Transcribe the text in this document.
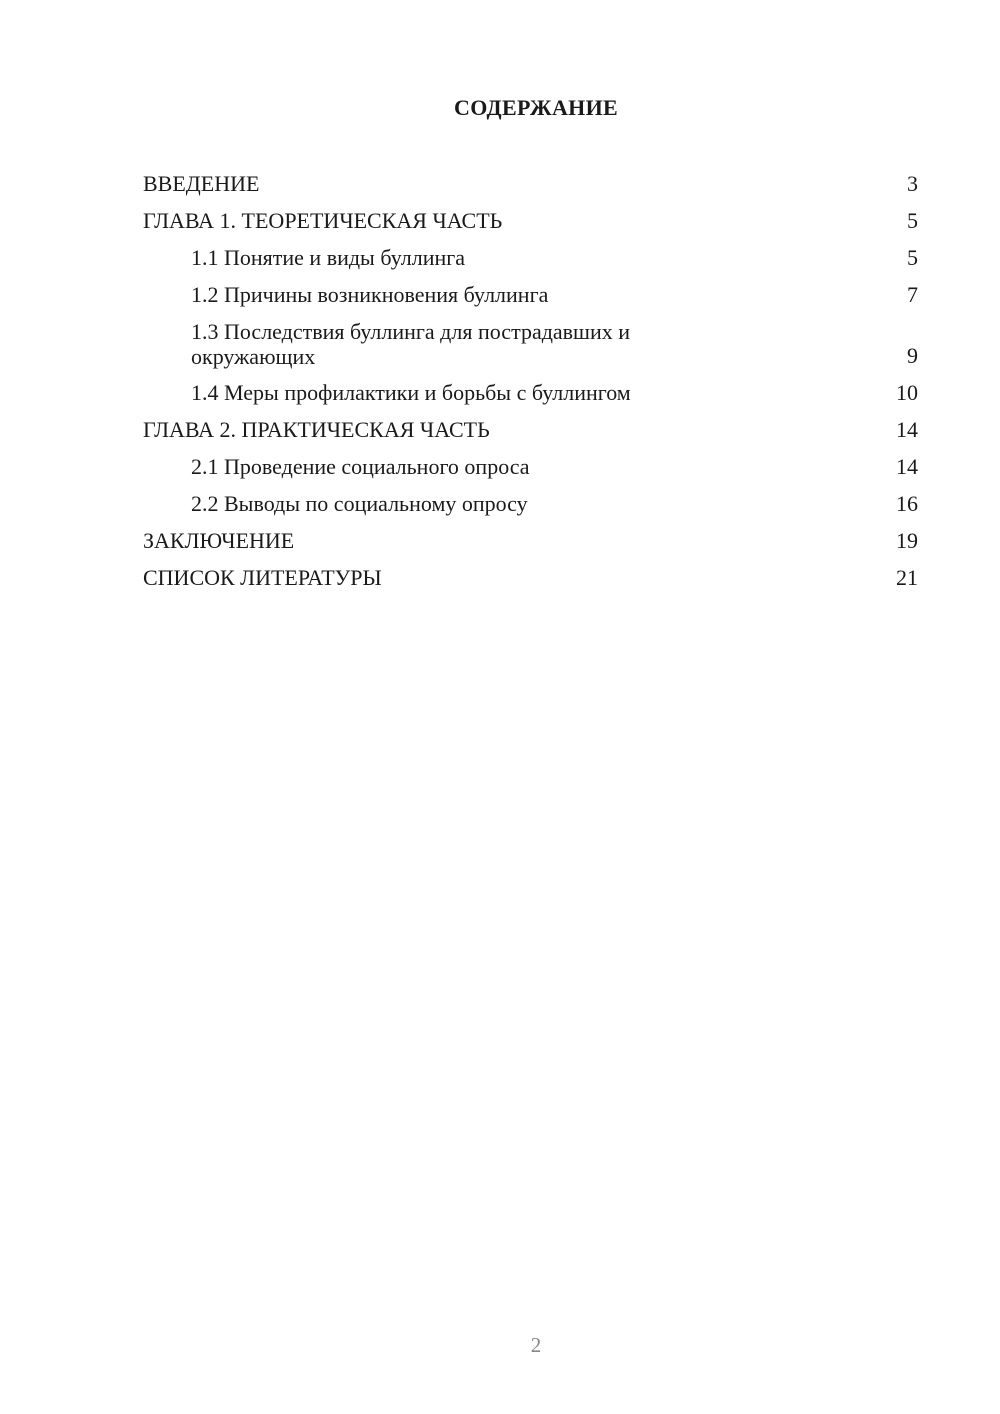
СОДЕРЖАНИЕ
ВВЕДЕНИЕ	3
ГЛАВА 1. ТЕОРЕТИЧЕСКАЯ ЧАСТЬ	5
1.1 Понятие и виды буллинга	5
1.2 Причины возникновения буллинга	7
1.3 Последствия буллинга для пострадавших и окружающих	9
1.4 Меры профилактики и борьбы с буллингом	10
ГЛАВА 2. ПРАКТИЧЕСКАЯ ЧАСТЬ	14
2.1 Проведение социального опроса	14
2.2 Выводы по социальному опросу	16
ЗАКЛЮЧЕНИЕ	19
СПИСОК ЛИТЕРАТУРЫ	21
2
